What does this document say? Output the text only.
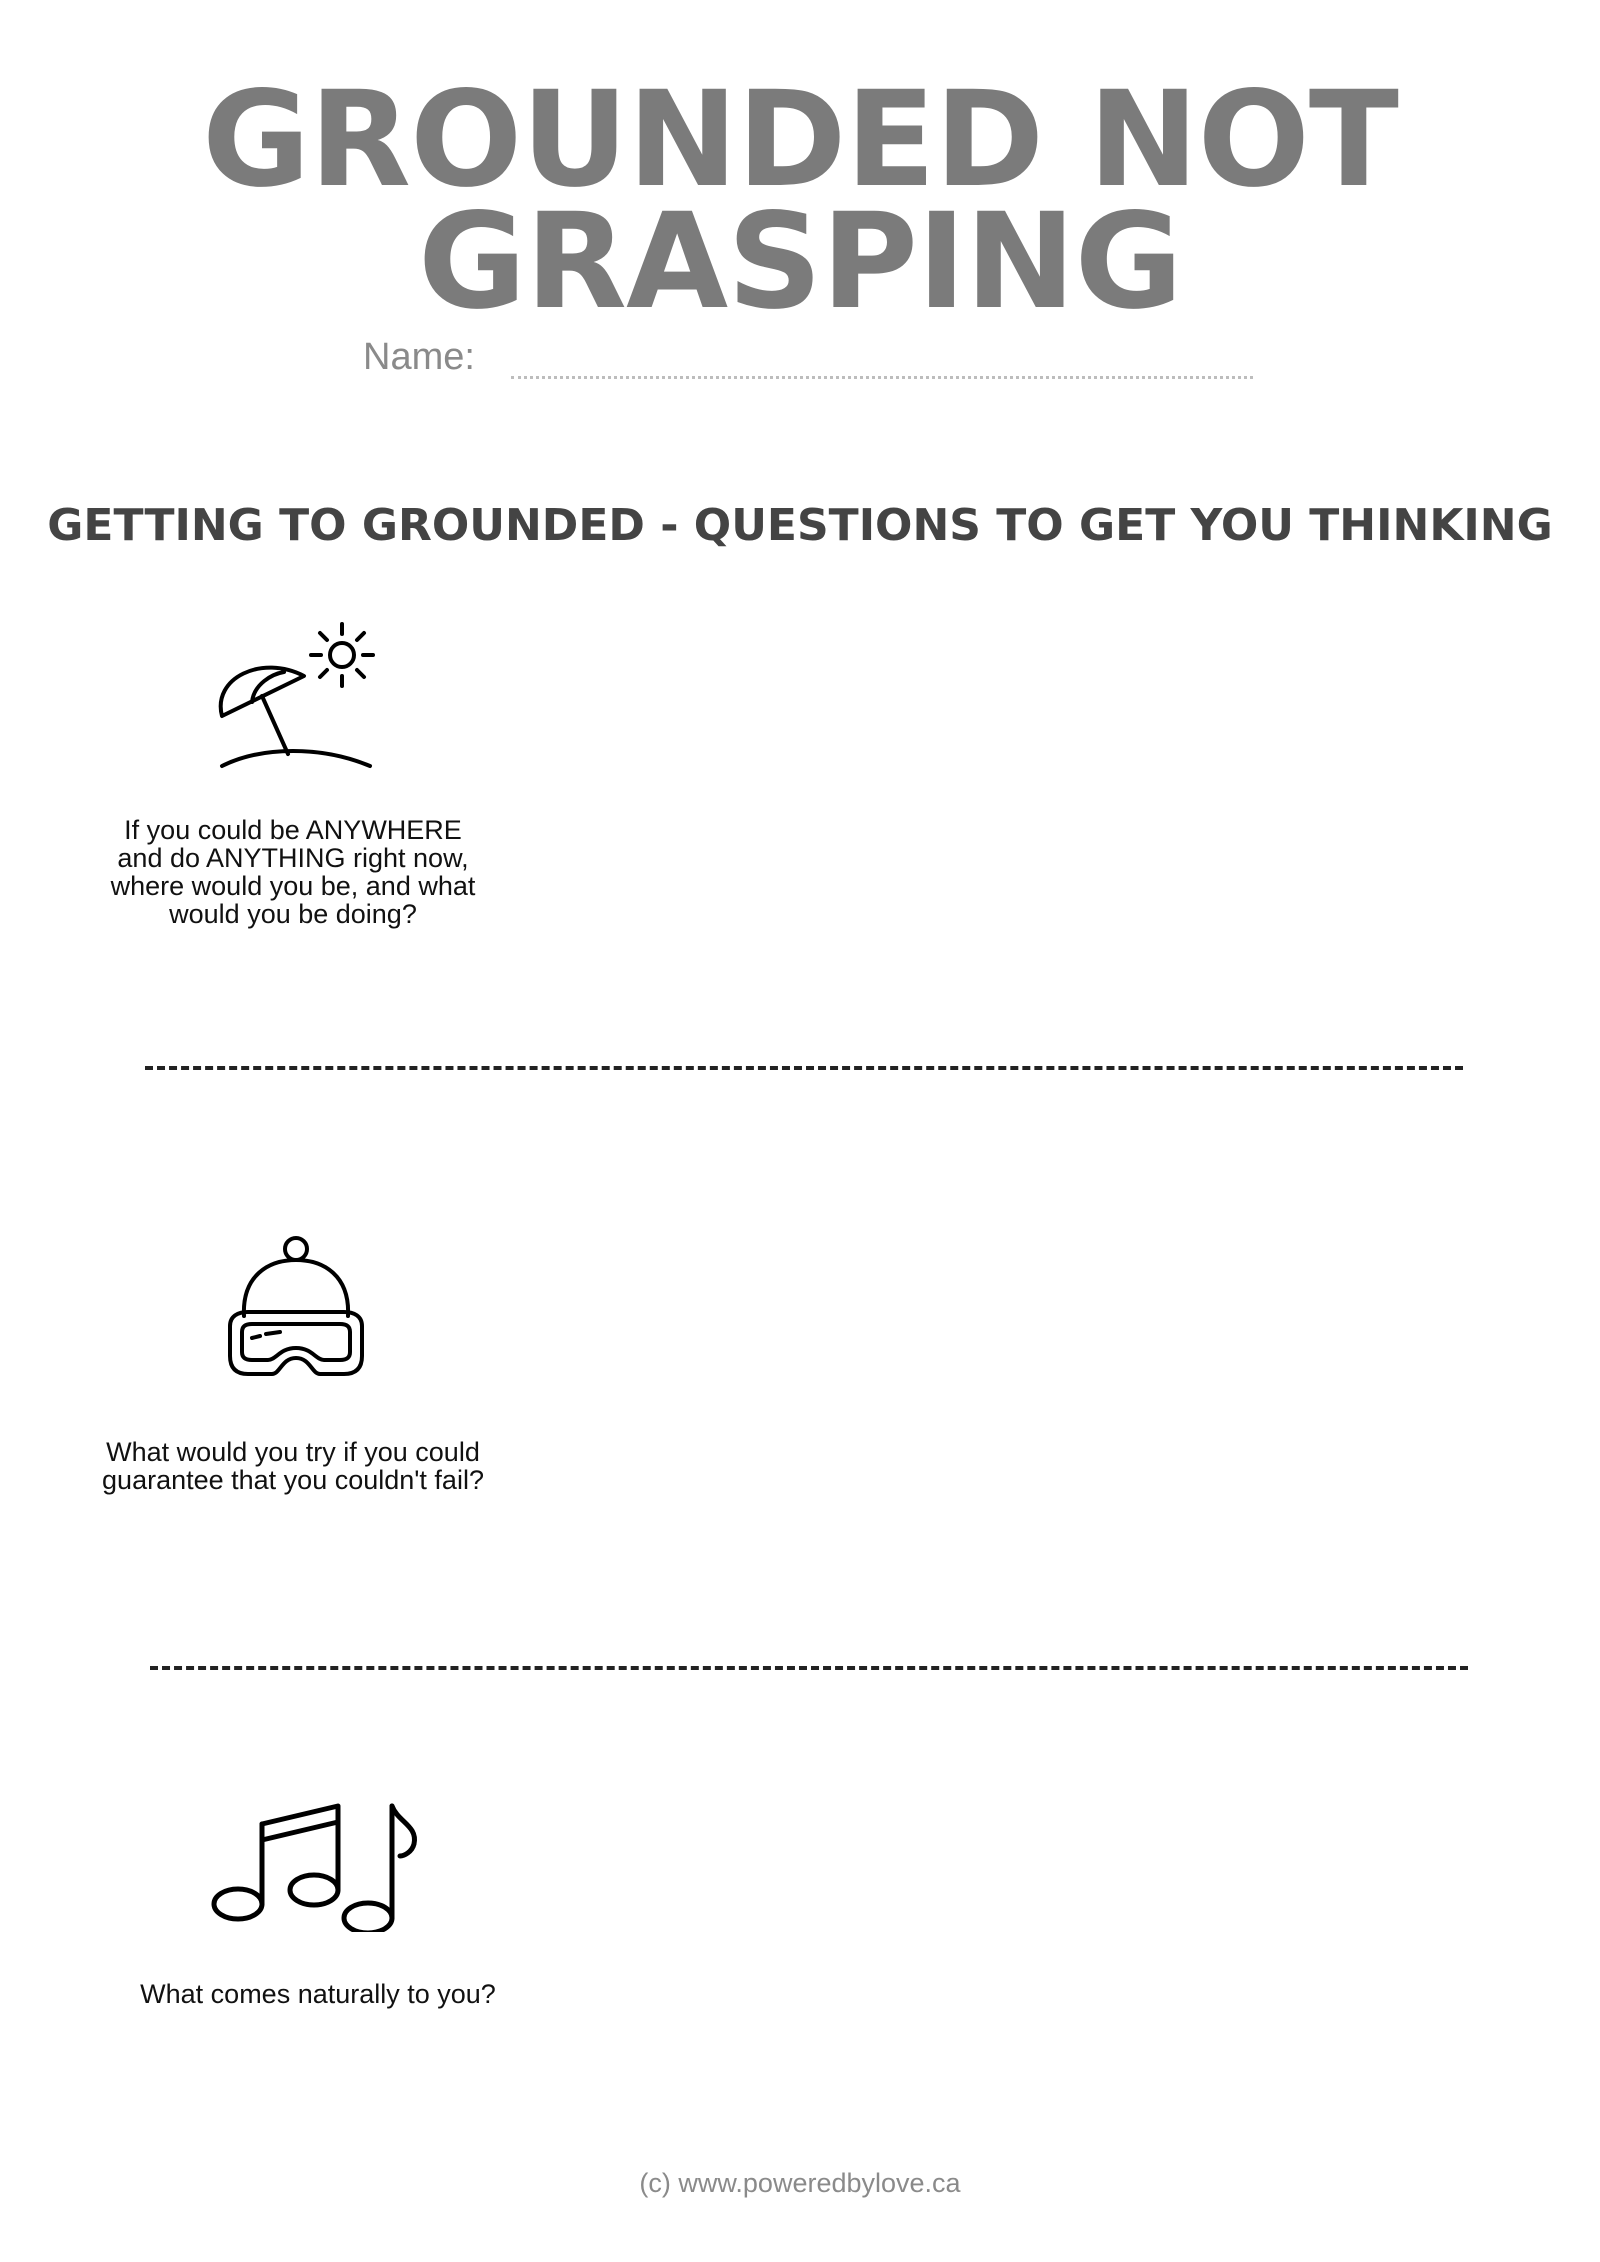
GROUNDED NOT
GRASPING
Name:
GETTING TO GROUNDED - QUESTIONS TO GET YOU THINKING

If you could be ANYWHERE
and do ANYTHING right now,
where would you be, and what
would you be doing?

What would you try if you could
guarantee that you couldn't fail?

What comes naturally to you?

(c) www.poweredbylove.ca
